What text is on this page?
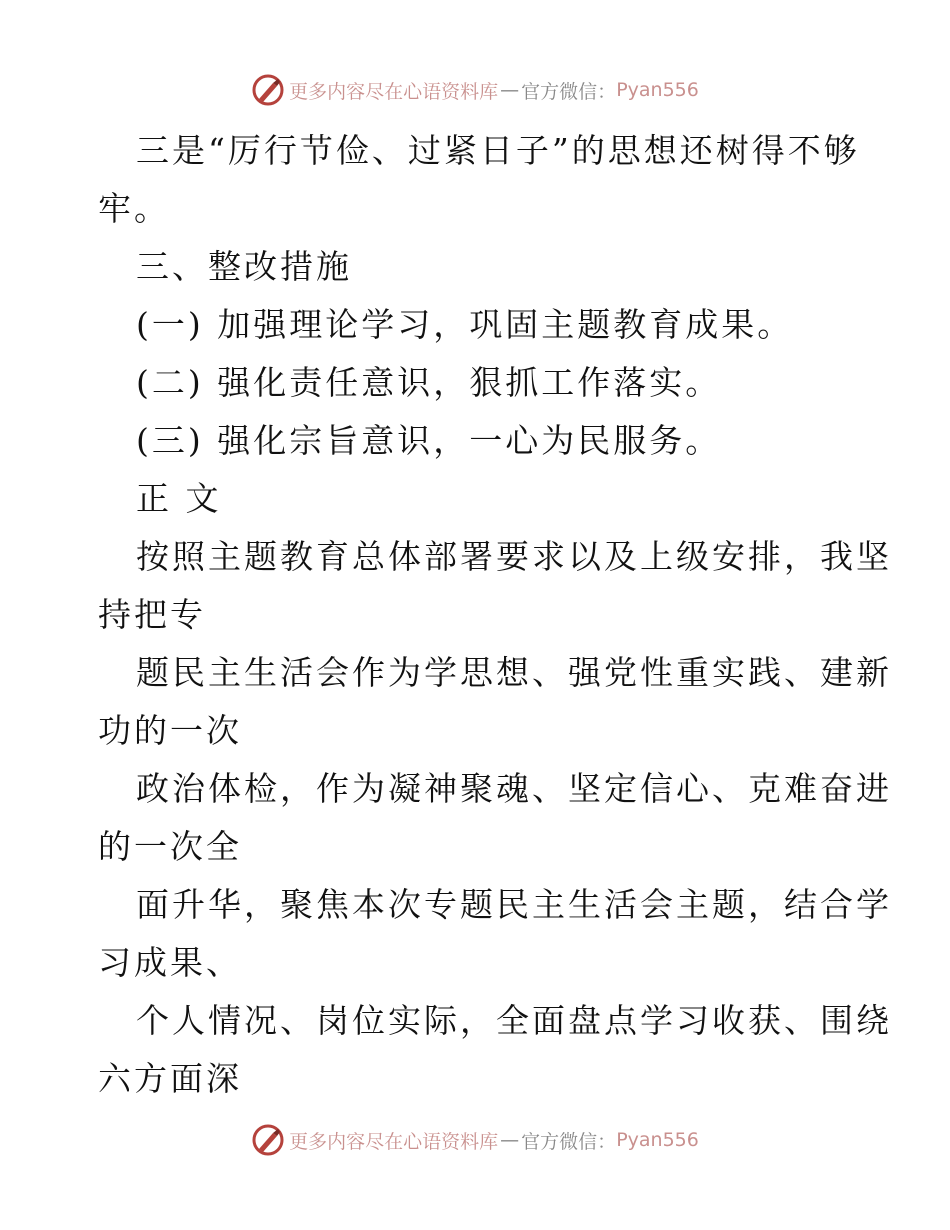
更多内容尽在心语资料库 — 官方微信： Pyan556
三是“厉行节俭、过紧日子”的思想还树得不够
牢。
三、整改措施
(一) 加强理论学习，巩固主题教育成果。
(二) 强化责任意识，狠抓工作落实。
(三) 强化宗旨意识，一心为民服务。
正 文
按照主题教育总体部署要求以及上级安排，我坚
持把专
题民主生活会作为学思想、强党性重实践、建新
功的一次
政治体检，作为凝神聚魂、坚定信心、克难奋进
的一次全
面升华，聚焦本次专题民主生活会主题，结合学
习成果、
个人情况、岗位实际，全面盘点学习收获、围绕
六方面深
更多内容尽在心语资料库 — 官方微信： Pyan556
